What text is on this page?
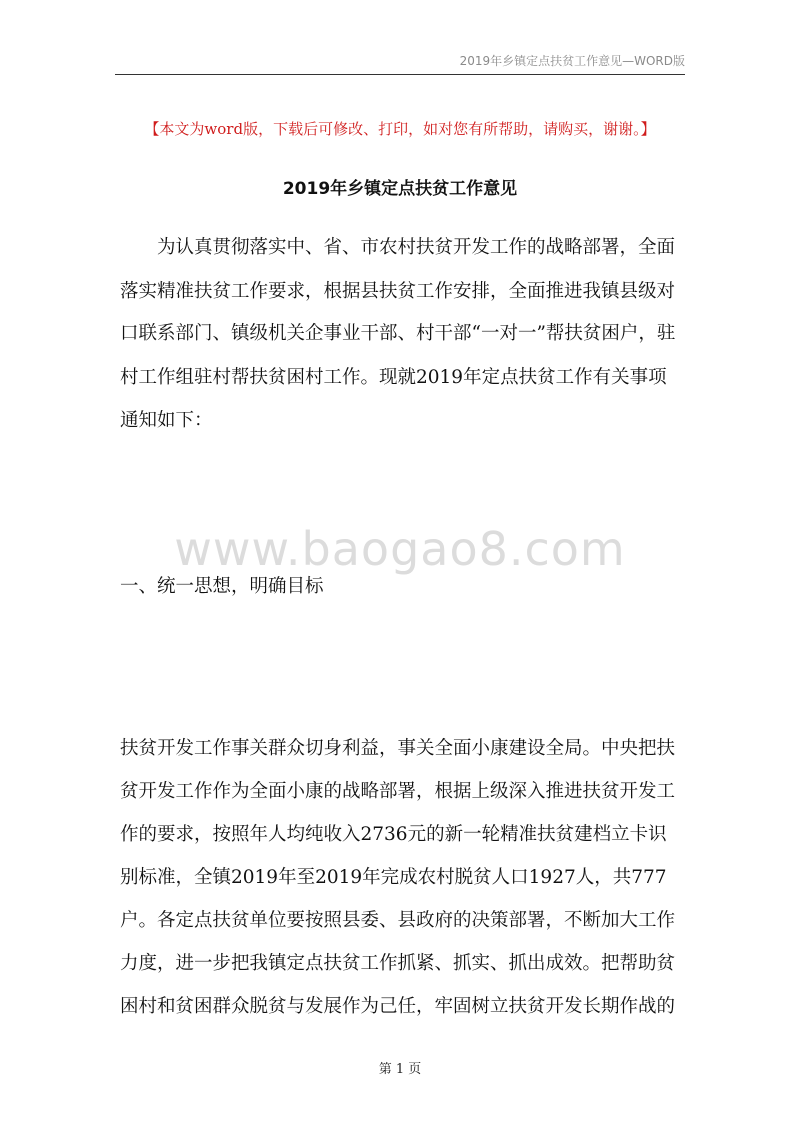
2019年乡镇定点扶贫工作意见—WORD版
【本文为word版，下载后可修改、打印，如对您有所帮助，请购买，谢谢。】
2019年乡镇定点扶贫工作意见
　　为认真贯彻落实中、省、市农村扶贫开发工作的战略部署，全面
落实精准扶贫工作要求，根据县扶贫工作安排，全面推进我镇县级对
口联系部门、镇级机关企事业干部、村干部“一对一”帮扶贫困户，驻
村工作组驻村帮扶贫困村工作。现就2019年定点扶贫工作有关事项
通知如下：
www.baogao8.com
一、统一思想，明确目标
扶贫开发工作事关群众切身利益，事关全面小康建设全局。中央把扶
贫开发工作作为全面小康的战略部署，根据上级深入推进扶贫开发工
作的要求，按照年人均纯收入2736元的新一轮精准扶贫建档立卡识
别标准，全镇2019年至2019年完成农村脱贫人口1927人，共777
户。各定点扶贫单位要按照县委、县政府的决策部署，不断加大工作
力度，进一步把我镇定点扶贫工作抓紧、抓实、抓出成效。把帮助贫
困村和贫困群众脱贫与发展作为己任，牢固树立扶贫开发长期作战的
第 1 页
